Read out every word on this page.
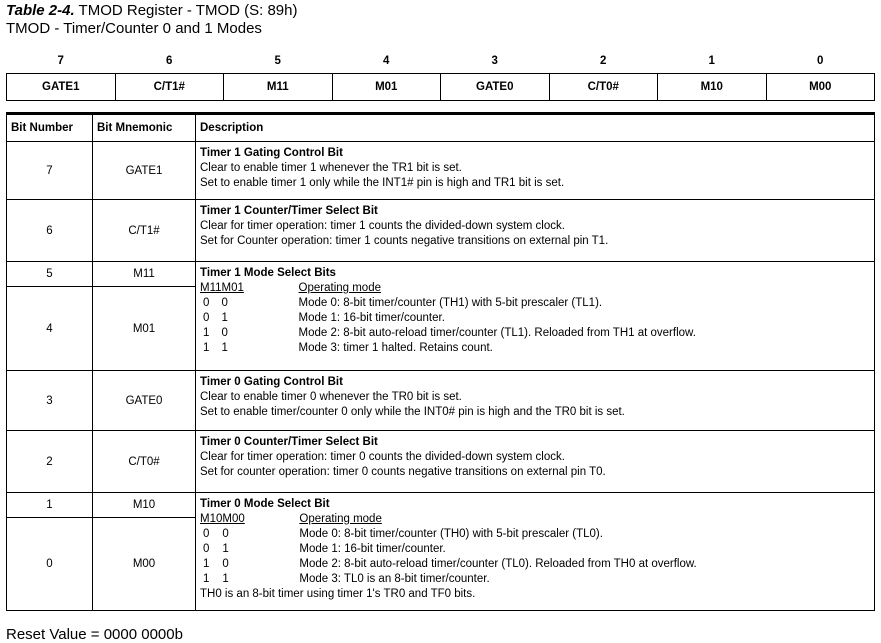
Table 2-4. TMOD Register - TMOD (S: 89h)
TMOD - Timer/Counter 0 and 1 Modes
7	6	5	4	3	2	1	0
GATE1	C/T1#	M11	M01	GATE0	C/T0#	M10	M00
Bit Number	Bit Mnemonic	Description
7	GATE1	
Timer 1 Gating Control Bit
Clear to enable timer 1 whenever the TR1 bit is set.
Set to enable timer 1 only while the INT1# pin is high and TR1 bit is set.

6	C/T1#	
Timer 1 Counter/Timer Select Bit
Clear for timer operation: timer 1 counts the divided-down system clock.
Set for Counter operation: timer 1 counts negative transitions on external pin T1.

5	M11	Timer 1 Mode Select Bits
M11	M01	Operating mode
0	0	Mode 0: 8-bit timer/counter (TH1) with 5-bit prescaler (TL1).
0	1	Mode 1: 16-bit timer/counter.
1	0	Mode 2: 8-bit auto-reload timer/counter (TL1). Reloaded from TH1 at overflow.
1	1	Mode 3: timer 1 halted. Retains count.

4	M01
3	GATE0	
Timer 0 Gating Control Bit
Clear to enable timer 0 whenever the TR0 bit is set.
Set to enable timer/counter 0 only while the INT0# pin is high and the TR0 bit is set.

2	C/T0#	
Timer 0 Counter/Timer Select Bit
Clear for timer operation: timer 0 counts the divided-down system clock.
Set for counter operation: timer 0 counts negative transitions on external pin T0.

1	M10	Timer 0 Mode Select Bit
M10	M00	Operating mode
0	0	Mode 0: 8-bit timer/counter (TH0) with 5-bit prescaler (TL0).
0	1	Mode 1: 16-bit timer/counter.
1	0	Mode 2: 8-bit auto-reload timer/counter (TL0). Reloaded from TH0 at overflow.
1	1	Mode 3: TL0 is an 8-bit timer/counter.
TH0 is an 8-bit timer using timer 1's TR0 and TF0 bits.

0	M00
Reset Value = 0000 0000b
